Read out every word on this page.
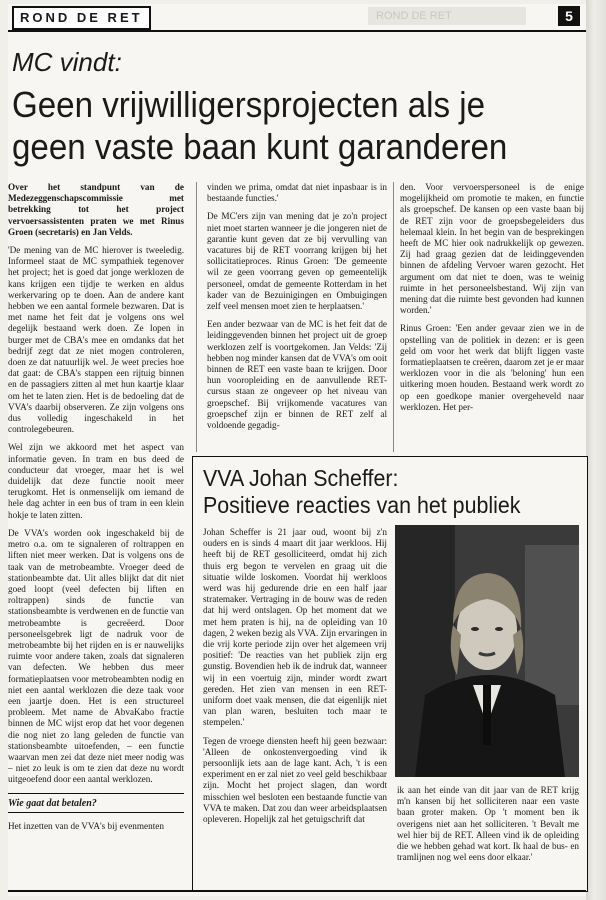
ROND DE RET	ROND DE RET	5
MC vindt:
Geen vrijwilligersprojecten als je geen vaste baan kunt garanderen

Over het standpunt van de Medezeggenschapscommissie met betrekking tot het project vervoersassistenten praten we met Rinus Groen (secretaris) en Jan Velds.

'De mening van de MC hierover is tweeledig. Informeel staat de MC sympathiek tegenover het project; het is goed dat jonge werklozen de kans krijgen een tijdje te werken en aldus werkervaring op te doen. Aan de andere kant hebben we een aantal formele bezwaren. Dat is met name het feit dat je volgens ons wel degelijk bestaand werk doen. Ze lopen in burger met de CBA's mee en omdanks dat het bedrijf zegt dat ze niet mogen controleren, doen ze dat natuurlijk wel. Je weet precies hoe dat gaat: de CBA's stappen een rijtuig binnen en de passagiers zitten al met hun kaartje klaar om het te laten zien. Het is de bedoeling dat de VVA's daarbij observeren. Ze zijn volgens ons dus volledig ingeschakeld in het controlegebeuren.

Wel zijn we akkoord met het aspect van informatie geven. In tram en bus deed de conducteur dat vroeger, maar het is wel duidelijk dat deze functie nooit meer terugkomt. Het is onmenselijk om iemand de hele dag achter in een bus of tram in een klein hokje te laten zitten.

De VVA's worden ook ingeschakeld bij de metro o.a. om te signaleren of roltrappen en liften niet meer werken. Dat is volgens ons de taak van de metrobeambte. Vroeger deed de stationbeambte dat. Uit alles blijkt dat dit niet goed loopt (veel defecten bij liften en roltrappen) sinds de functie van stationsbeambte is verdwenen en de functie van metrobeambte is gecreëerd. Door personeelsgebrek ligt de nadruk voor de metrobeambte bij het rijden en is er nauwelijks ruimte voor andere taken, zoals dat signaleren van defecten. We hebben dus meer formatieplaatsen voor metrobeambten nodig en niet een aantal werklozen die deze taak voor een jaartje doen. Het is een structureel probleem. Met name de AbvaKabo fractie binnen de MC wijst erop dat het voor degenen die nog niet zo lang geleden de functie van stationsbeambte uitoefenden, – een functie waarvan men zei dat deze niet meer nodig was – niet zo leuk is om te zien dat deze nu wordt uitgeoefend door een aantal werklozen.

Wie gaat dat betalen?

Het inzetten van de VVA's bij evenmenten

vinden we prima, omdat dat niet inpasbaar is in bestaande functies.'

De MC'ers zijn van mening dat je zo'n project niet moet starten wanneer je die jongeren niet de garantie kunt geven dat ze bij vervulling van vacatures bij de RET voorrang krijgen bij het sollicitatieproces. Rinus Groen: 'De gemeente wil ze geen voorrang geven op gemeentelijk personeel, omdat de gemeente Rotterdam in het kader van de Bezuinigingen en Ombuigingen zelf veel mensen moet zien te herplaatsen.'

Een ander bezwaar van de MC is het feit dat de leidinggevenden binnen het project uit de groep werklozen zelf is voortgekomen. Jan Velds: 'Zij hebben nog minder kansen dat de VVA's om ooit binnen de RET een vaste baan te krijgen. Door hun vooropleiding en de aanvullende RET-cursus staan ze ongeveer op het niveau van groepschef. Bij vrijkomende vacatures van groepschef zijn er binnen de RET zelf al voldoende gegadig-

den. Voor vervoerspersoneel is de enige mogelijkheid om promotie te maken, en functie als groepschef. De kansen op een vaste baan bij de RET zijn voor de groepsbegeleiders dus helemaal klein. In het begin van de besprekingen heeft de MC hier ook nadrukkelijk op gewezen. Zij had graag gezien dat de leidinggevenden binnen de afdeling Vervoer waren gezocht. Het argument om dat niet te doen, was te weinig ruimte in het personeelsbestand. Wij zijn van mening dat die ruimte best gevonden had kunnen worden.'

Rinus Groen: 'Een ander gevaar zien we in de opstelling van de politiek in dezen: er is geen geld om voor het werk dat blijft liggen vaste formatieplaatsen te creëren, daarom zet je er maar werklozen voor in die als 'beloning' hun een uitkering moen houden. Bestaand werk wordt zo op een goedkope manier overgeheveld naar werklozen. Het per-

VVA Johan Scheffer:
Positieve reacties van het publiek

Johan Scheffer is 21 jaar oud, woont bij z'n ouders en is sinds 4 maart dit jaar werkloos. Hij heeft bij de RET gesolliciteerd, omdat hij zich thuis erg begon te vervelen en graag uit die situatie wilde loskomen. Voordat hij werkloos werd was hij gedurende drie en een half jaar stratemaker. Vertraging in de bouw was de reden dat hij werd ontslagen. Op het moment dat we met hem praten is hij, na de opleiding van 10 dagen, 2 weken bezig als VVA. Zijn ervaringen in die vrij korte periode zijn over het algemeen vrij positief: 'De reacties van het publiek zijn erg gunstig. Bovendien heb ik de indruk dat, wanneer wij in een voertuig zijn, minder wordt zwart gereden. Het zien van mensen in een RET-uniform doet vaak mensen, die dat eigenlijk niet van plan waren, besluiten toch maar te stempelen.'

Tegen de vroege diensten heeft hij geen bezwaar: 'Alleen de onkostenvergoeding vind ik persoonlijk iets aan de lage kant. Ach, 't is een experiment en er zal niet zo veel geld beschikbaar zijn. Mocht het project slagen, dan wordt misschien wel besloten een bestaande functie van VVA te maken. Dat zou dan weer arbeidsplaatsen opleveren. Hopelijk zal het getuigschrift dat

ik aan het einde van dit jaar van de RET krijg m'n kansen bij het solliciteren naar een vaste baan groter maken. Op 't moment ben ik overigens niet aan het solliciteren. 't Bevalt me wel hier bij de RET. Alleen vind ik de opleiding die we hebben gehad wat kort. Ik haal de bus- en tramlijnen nog wel eens door elkaar.'
